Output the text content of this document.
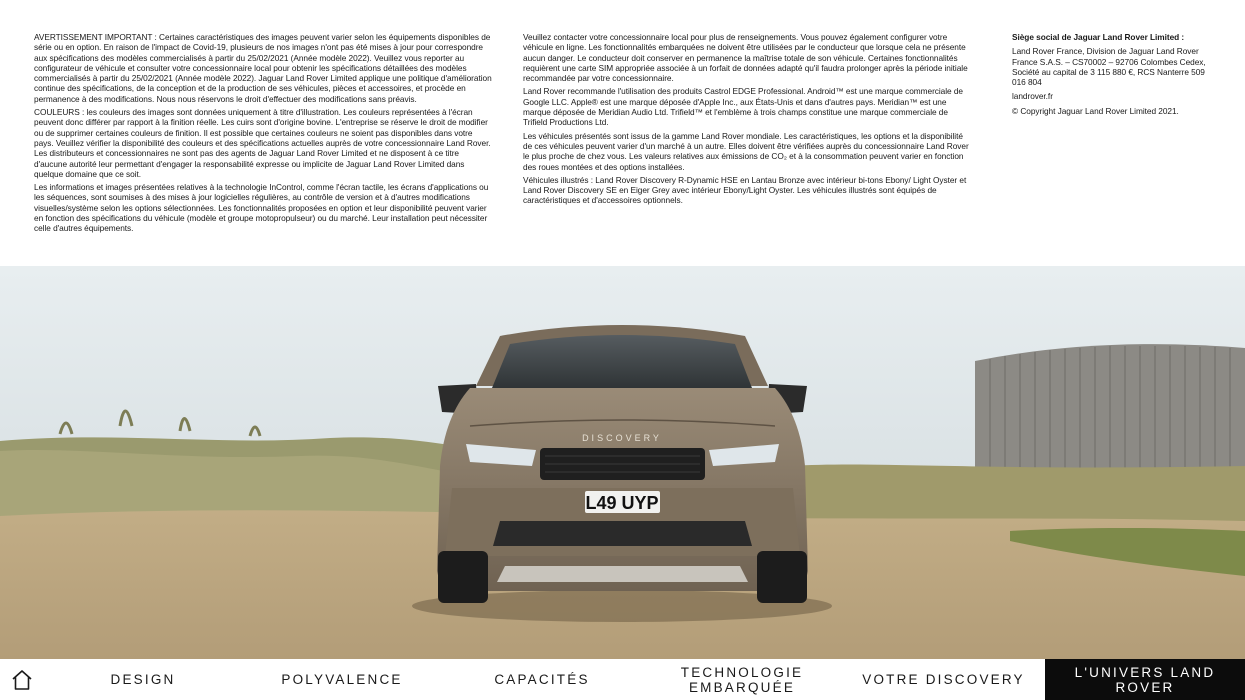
AVERTISSEMENT IMPORTANT : Certaines caractéristiques des images peuvent varier selon les équipements disponibles de série ou en option. En raison de l'impact de Covid-19, plusieurs de nos images n'ont pas été mises à jour pour correspondre aux spécifications des modèles commercialisés à partir du 25/02/2021 (Année modèle 2022). Veuillez vous reporter au configurateur de véhicule et consulter votre concessionnaire local pour obtenir les spécifications détaillées des modèles commercialisés à partir du 25/02/2021 (Année modèle 2022). Jaguar Land Rover Limited applique une politique d'amélioration continue des spécifications, de la conception et de la production de ses véhicules, pièces et accessoires, et procède en permanence à des modifications. Nous nous réservons le droit d'effectuer des modifications sans préavis.

COULEURS : les couleurs des images sont données uniquement à titre d'illustration. Les couleurs représentées à l'écran peuvent donc différer par rapport à la finition réelle. Les cuirs sont d'origine bovine. L'entreprise se réserve le droit de modifier ou de supprimer certaines couleurs de finition. Il est possible que certaines couleurs ne soient pas disponibles dans votre pays. Veuillez vérifier la disponibilité des couleurs et des spécifications actuelles auprès de votre concessionnaire Land Rover. Les distributeurs et concessionnaires ne sont pas des agents de Jaguar Land Rover Limited et ne disposent à ce titre d'aucune autorité leur permettant d'engager la responsabilité expresse ou implicite de Jaguar Land Rover Limited dans quelque domaine que ce soit.

Les informations et images présentées relatives à la technologie InControl, comme l'écran tactile, les écrans d'applications ou les séquences, sont soumises à des mises à jour logicielles régulières, au contrôle de version et à d'autres modifications visuelles/système selon les options sélectionnées. Les fonctionnalités proposées en option et leur disponibilité peuvent varier en fonction des spécifications du véhicule (modèle et groupe motopropulseur) ou du marché. Leur installation peut nécessiter celle d'autres équipements.

Veuillez contacter votre concessionnaire local pour plus de renseignements. Vous pouvez également configurer votre véhicule en ligne. Les fonctionnalités embarquées ne doivent être utilisées par le conducteur que lorsque cela ne présente aucun danger. Le conducteur doit conserver en permanence la maîtrise totale de son véhicule. Certaines fonctionnalités requièrent une carte SIM appropriée associée à un forfait de données adapté qu'il faudra prolonger après la période initiale recommandée par votre concessionnaire.

Land Rover recommande l'utilisation des produits Castrol EDGE Professional. Android™ est une marque commerciale de Google LLC. Apple® est une marque déposée d'Apple Inc., aux États-Unis et dans d'autres pays. Meridian™ est une marque déposée de Meridian Audio Ltd. Trifield™ et l'emblème à trois champs constitue une marque commerciale de Trifield Productions Ltd.

Les véhicules présentés sont issus de la gamme Land Rover mondiale. Les caractéristiques, les options et la disponibilité de ces véhicules peuvent varier d'un marché à un autre. Elles doivent être vérifiées auprès du concessionnaire Land Rover le plus proche de chez vous. Les valeurs relatives aux émissions de CO₂ et à la consommation peuvent varier en fonction des roues montées et des options installées.

Véhicules illustrés : Land Rover Discovery R-Dynamic HSE en Lantau Bronze avec intérieur bi-tons Ebony/ Light Oyster et Land Rover Discovery SE en Eiger Grey avec intérieur Ebony/Light Oyster. Les véhicules illustrés sont équipés de caractéristiques et d'accessoires optionnels.

Siège social de Jaguar Land Rover Limited :

Land Rover France, Division de Jaguar Land Rover France S.A.S. – CS70002 – 92706 Colombes Cedex, Société au capital de 3 115 880 €, RCS Nanterre 509 016 804

landrover.fr

© Copyright Jaguar Land Rover Limited 2021.

DISCOVERY
L49 UYP
DESIGN	POLYVALENCE	CAPACITÉS	TECHNOLOGIE EMBARQUÉE	VOTRE DISCOVERY	L'UNIVERS LAND ROVER
